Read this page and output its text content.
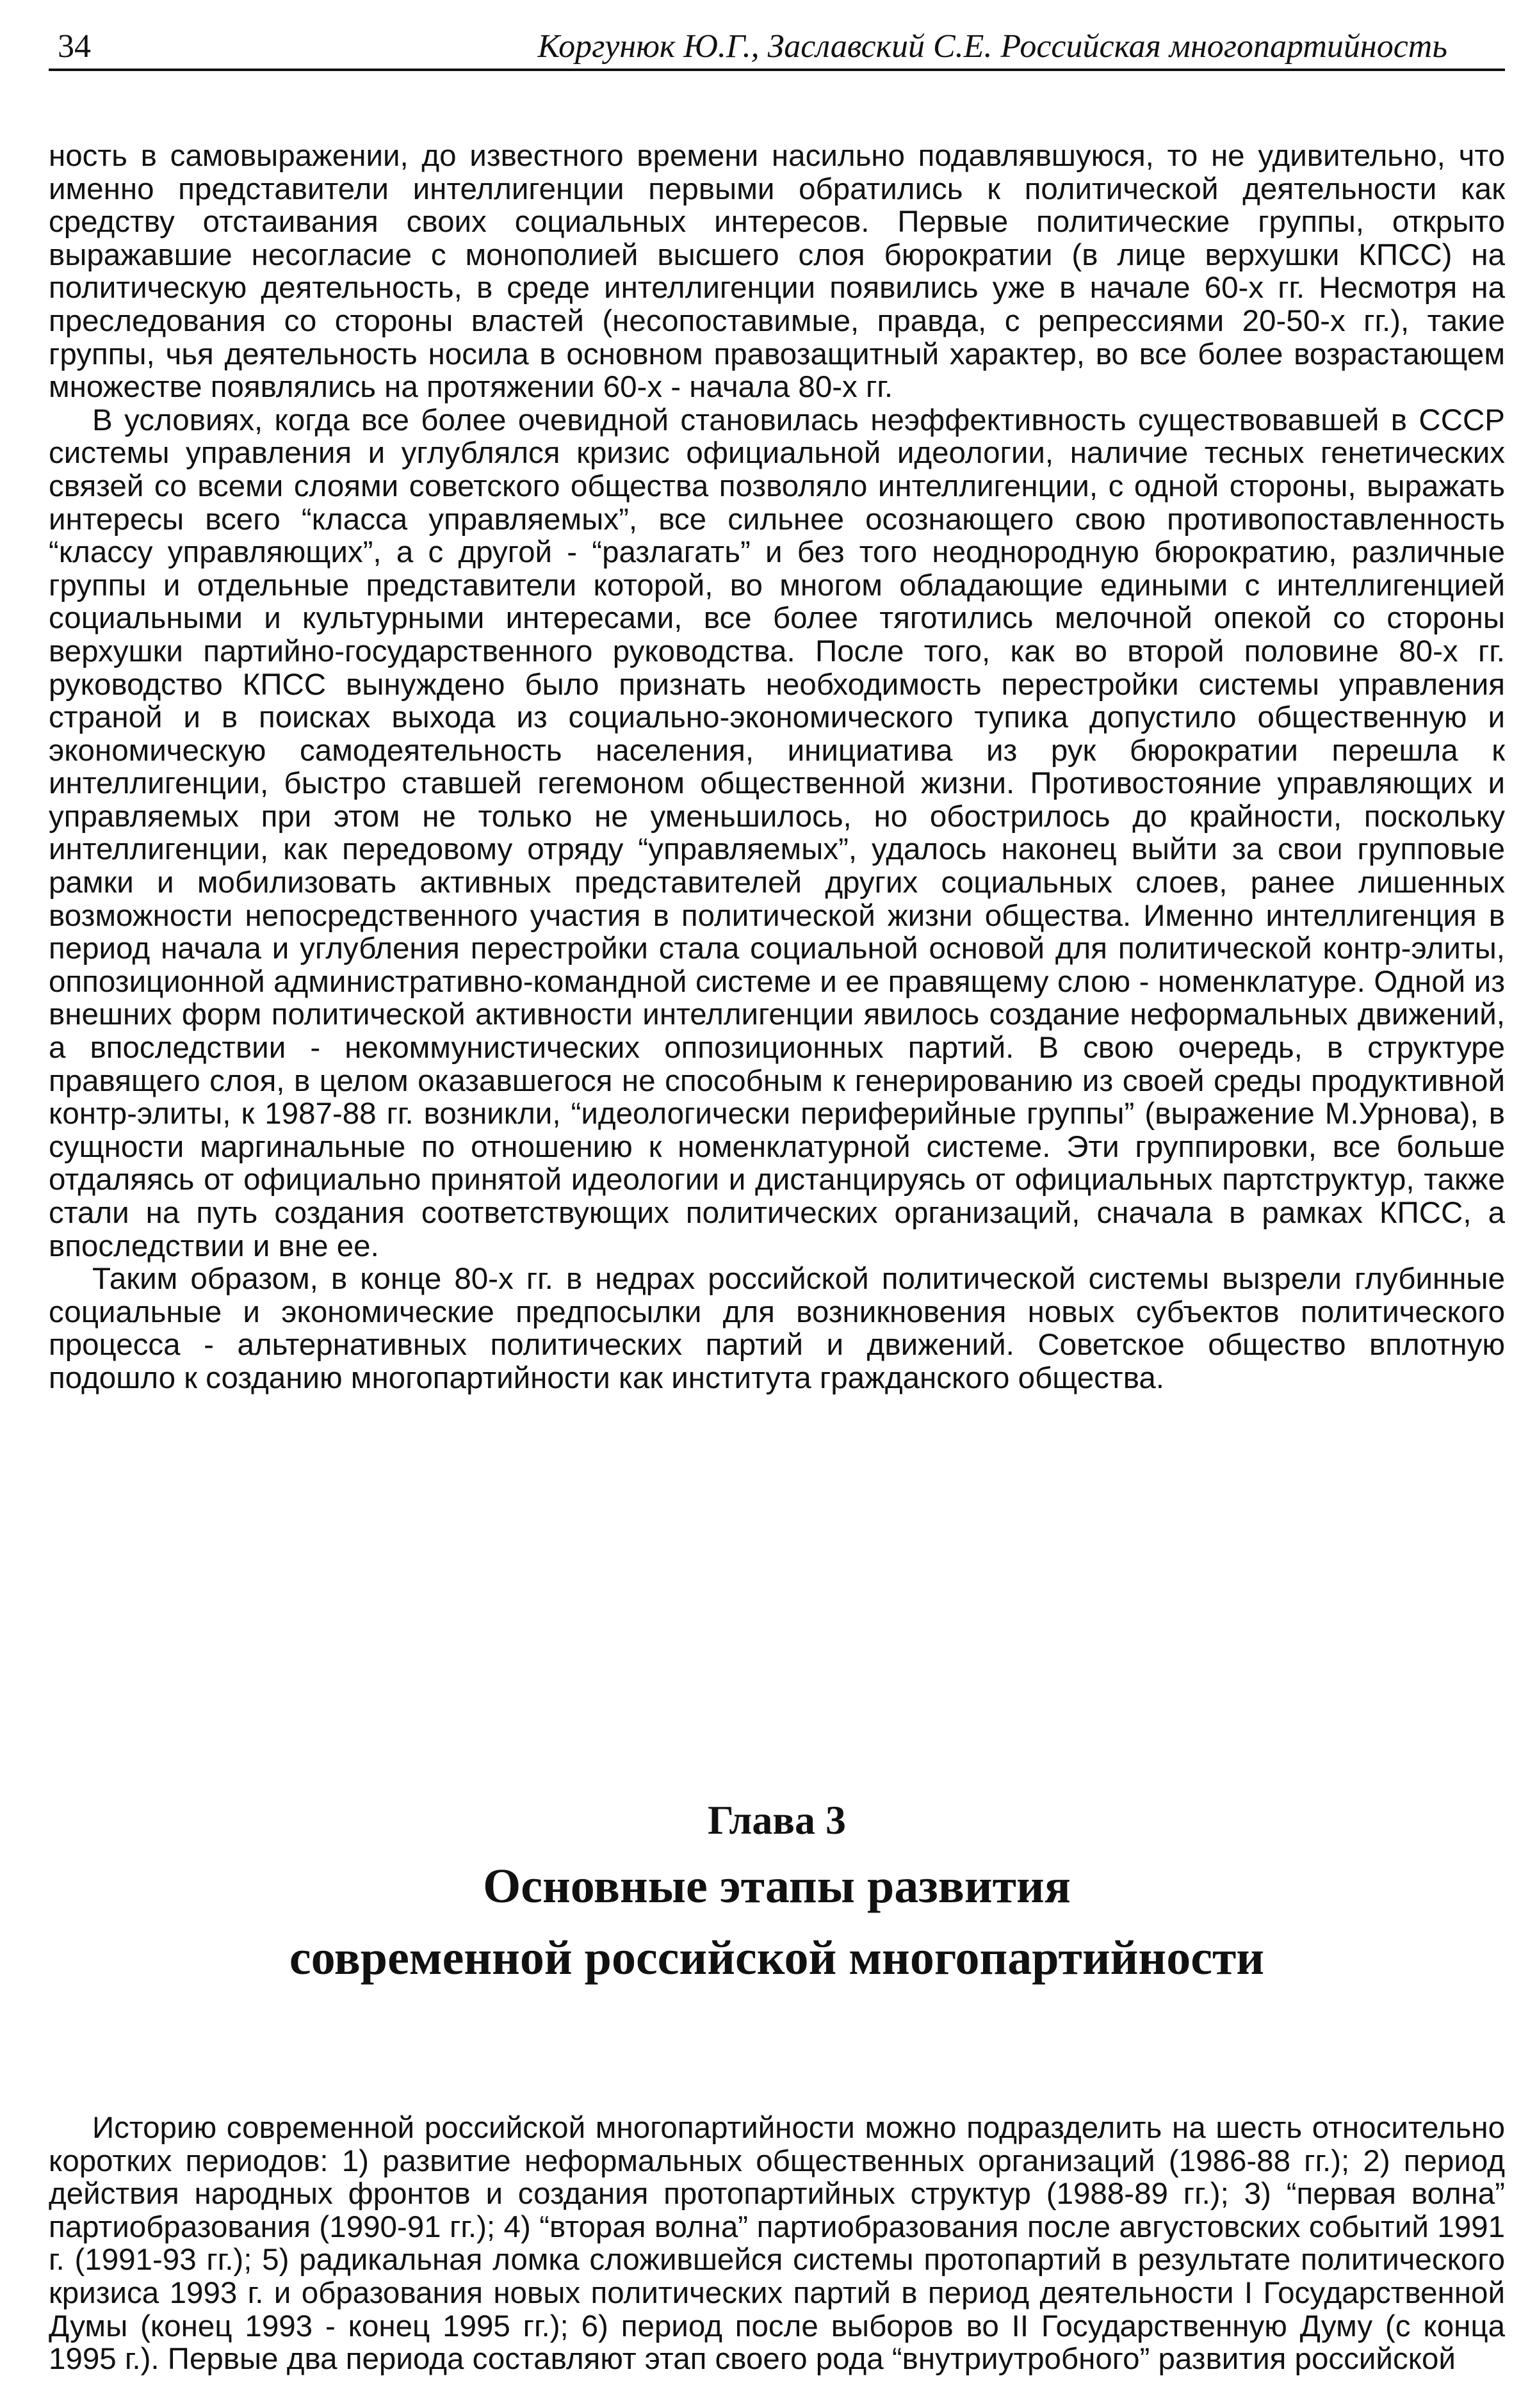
34	Коргунюк Ю.Г., Заславский С.Е. Российская многопартийность

ность в самовыражении, до известного времени насильно подавлявшуюся, то не удивительно, что именно представители интеллигенции первыми обратились к политической деятельности как средству отстаивания своих социальных интересов. Первые политические группы, открыто выражавшие несогласие с монополией высшего слоя бюрократии (в лице верхушки КПСС) на политическую деятельность, в среде интеллигенции появились уже в начале 60-х гг. Несмотря на преследования со стороны властей (несопоставимые, правда, с репрессиями 20-50-х гг.), такие группы, чья деятельность носила в основном правозащитный характер, во все более возрастающем множестве появлялись на протяжении 60-х - начала 80-х гг.

В условиях, когда все более очевидной становилась неэффективность существовавшей в СССР системы управления и углублялся кризис официальной идеологии, наличие тесных генетических связей со всеми слоями советского общества позволяло интеллигенции, с одной стороны, выражать интересы всего “класса управляемых”, все сильнее осознающего свою противопоставленность “классу управляющих”, а с другой - “разлагать” и без того неоднородную бюрократию, различные группы и отдельные представители которой, во многом обладающие едиными с интеллигенцией социальными и культурными интересами, все более тяготились мелочной опекой со стороны верхушки партийно-государственного руководства. После того, как во второй половине 80-х гг. руководство КПСС вынуждено было признать необходимость перестройки системы управления страной и в поисках выхода из социально-экономического тупика допустило общественную и экономическую самодеятельность населения, инициатива из рук бюрократии перешла к интеллигенции, быстро ставшей гегемоном общественной жизни. Противостояние управляющих и управляемых при этом не только не уменьшилось, но обострилось до крайности, поскольку интеллигенции, как передовому отряду “управляемых”, удалось наконец выйти за свои групповые рамки и мобилизовать активных представителей других социальных слоев, ранее лишенных возможности непосредственного участия в политической жизни общества. Именно интеллигенция в период начала и углубления перестройки стала социальной основой для политической контр-элиты, оппозиционной административно-командной системе и ее правящему слою - номенклатуре. Одной из внешних форм политической активности интеллигенции явилось создание неформальных движений, а впоследствии - некоммунистических оппозиционных партий. В свою очередь, в структуре правящего слоя, в целом оказавшегося не способным к генерированию из своей среды продуктивной контр-элиты, к 1987-88 гг. возникли, “идеологически периферийные группы” (выражение М.Урнова), в сущности маргинальные по отношению к номенклатурной системе. Эти группировки, все больше отдаляясь от официально принятой идеологии и дистанцируясь от официальных партструктур, также стали на путь создания соответствующих политических организаций, сначала в рамках КПСС, а впоследствии и вне ее.

Таким образом, в конце 80-х гг. в недрах российской политической системы вызрели глубинные социальные и экономические предпосылки для возникновения новых субъектов политического процесса - альтернативных политических партий и движений. Советское общество вплотную подошло к созданию многопартийности как института гражданского общества.

Глава 3
Основные этапы развития
современной российской многопартийности

Историю современной российской многопартийности можно подразделить на шесть относительно коротких периодов: 1) развитие неформальных общественных организаций (1986-88 гг.); 2) период действия народных фронтов и создания протопартийных структур (1988-89 гг.); 3) “первая волна” партиобразования (1990-91 гг.); 4) “вторая волна” партиобразования после августовских событий 1991 г. (1991-93 гг.); 5) радикальная ломка сложившейся системы протопартий в результате политического кризиса 1993 г. и образования новых политических партий в период деятельности I Государственной Думы (конец 1993 - конец 1995 гг.); 6) период после выборов во II Государственную Думу (с конца 1995 г.). Первые два периода составляют этап своего рода “внутриутробного” развития российской
